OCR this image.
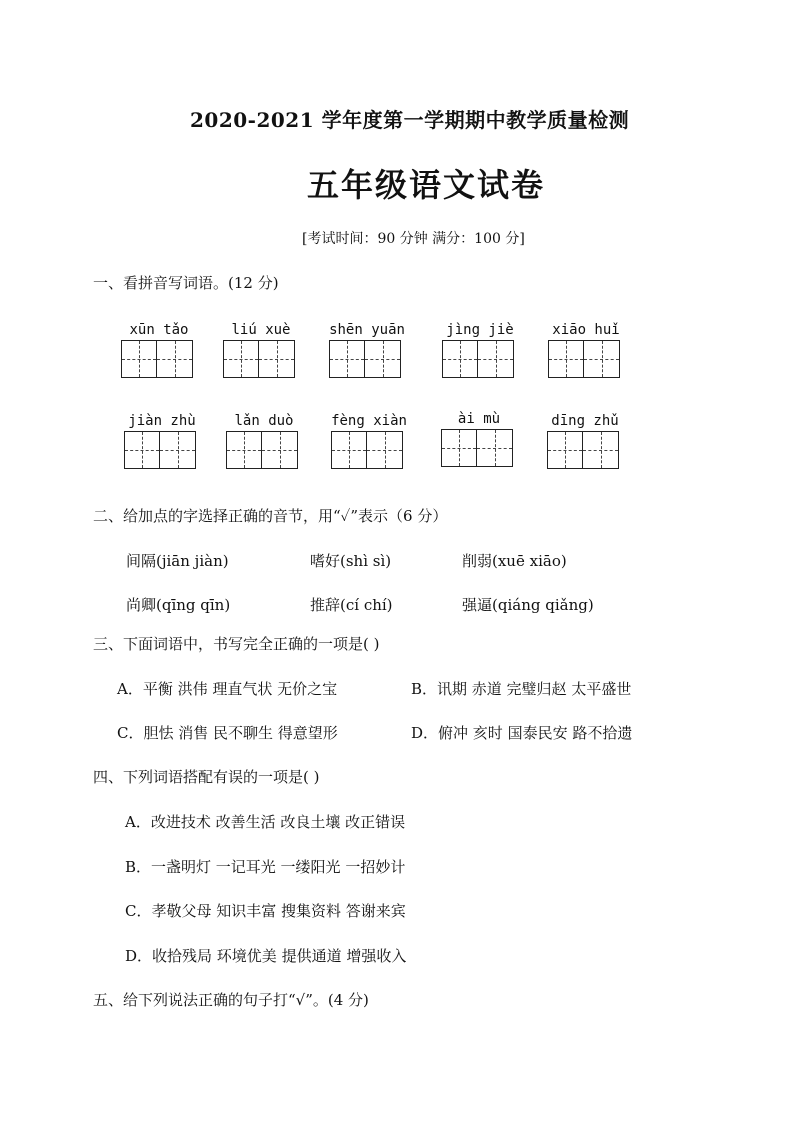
2020-2021 学年度第一学期期中教学质量检测
五年级语文试卷
[考试时间：90 分钟 满分：100 分]
一、看拼音写词语。(12 分)
xūn tǎo	liú xuè	shēn yuān	jìng jiè	xiāo huǐ
jiàn zhù	lǎn duò	fèng xiàn	ài mù	dīng zhǔ
二、给加点的字选择正确的音节，用“✓”表示（6 分）
间隔(jiān jiàn)	嗜好(shì sì)	削弱(xuē xiāo)
尚卿(qīng qīn)	推辞(cí chí)	强逼(qiáng qiǎng)
三、下面词语中，书写完全正确的一项是( )
A．平衡 洪伟 理直气状 无价之宝	B．讯期 赤道 完璧归赵 太平盛世
C．胆怯 消售 民不聊生 得意望形	D．俯冲 亥时 国泰民安 路不拾遗
四、下列词语搭配有误的一项是( )
A．改进技术 改善生活 改良土壤 改正错误
B．一盏明灯 一记耳光 一缕阳光 一招妙计
C．孝敬父母 知识丰富 搜集资料 答谢来宾
D．收拾残局 环境优美 提供通道 增强收入
五、给下列说法正确的句子打“√”。(4 分)
